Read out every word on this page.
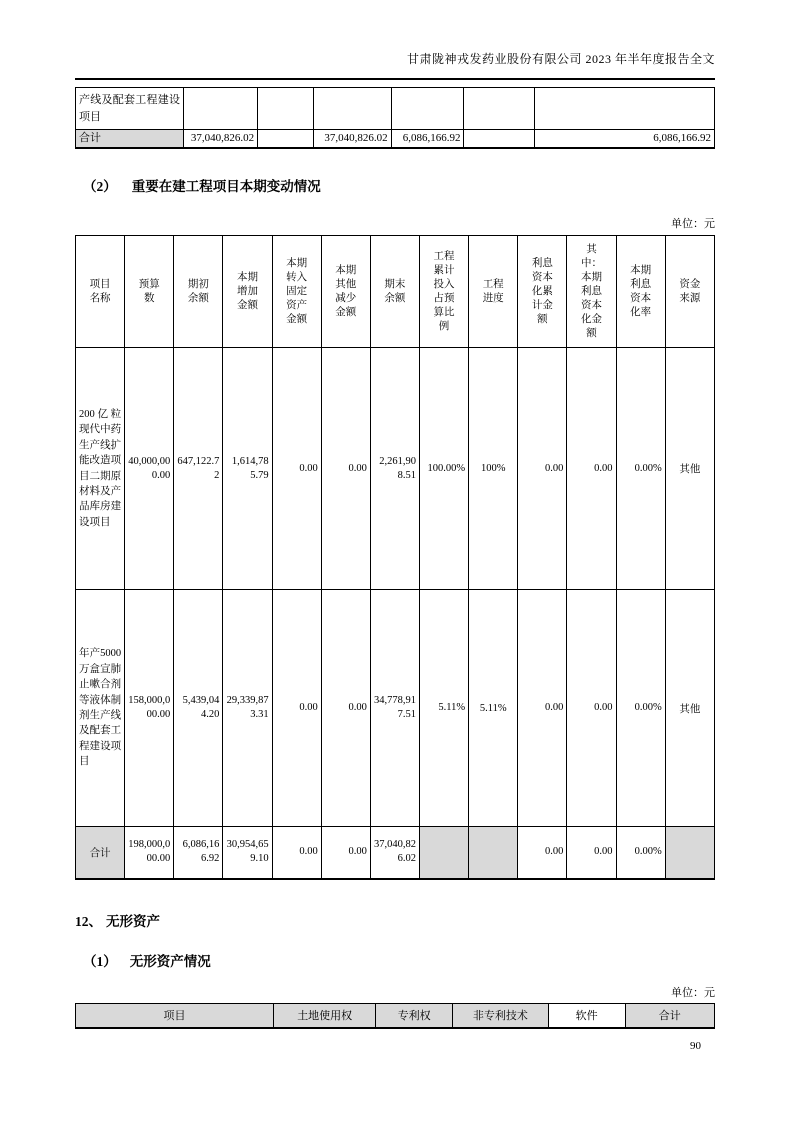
甘肃陇神戎发药业股份有限公司 2023 年半年度报告全文
产线及配套工程建设项目						
合计	37,040,826.02		37,040,826.02	6,086,166.92		6,086,166.92
（2） 重要在建工程项目本期变动情况
单位：元
项目名称	预算数	期初余额	本期增加金额	本期转入固定资产金额	本期其他减少金额	期末余额	工程累计投入占预算比例	工程进度	利息资本化累计金额	其中：本期利息资本化金额	本期利息资本化率	资金来源
200亿粒现代中药生产线扩能改造项目二期原材料及产品库房建设项目	40,000,000.00	647,122.72	1,614,785.79	0.00	0.00	2,261,908.51	100.00%	100%	0.00	0.00	0.00%	其他
年产5000万盒宣肺止嗽合剂等液体制剂生产线及配套工程建设项目	158,000,000.00	5,439,044.20	29,339,873.31	0.00	0.00	34,778,917.51	5.11%	5.11%	0.00	0.00	0.00%	其他
合计	198,000,000.00	6,086,166.92	30,954,659.10	0.00	0.00	37,040,826.02			0.00	0.00	0.00%	
12、 无形资产
（1） 无形资产情况
单位：元
项目	土地使用权	专利权	非专利技术	软件	合计
90
